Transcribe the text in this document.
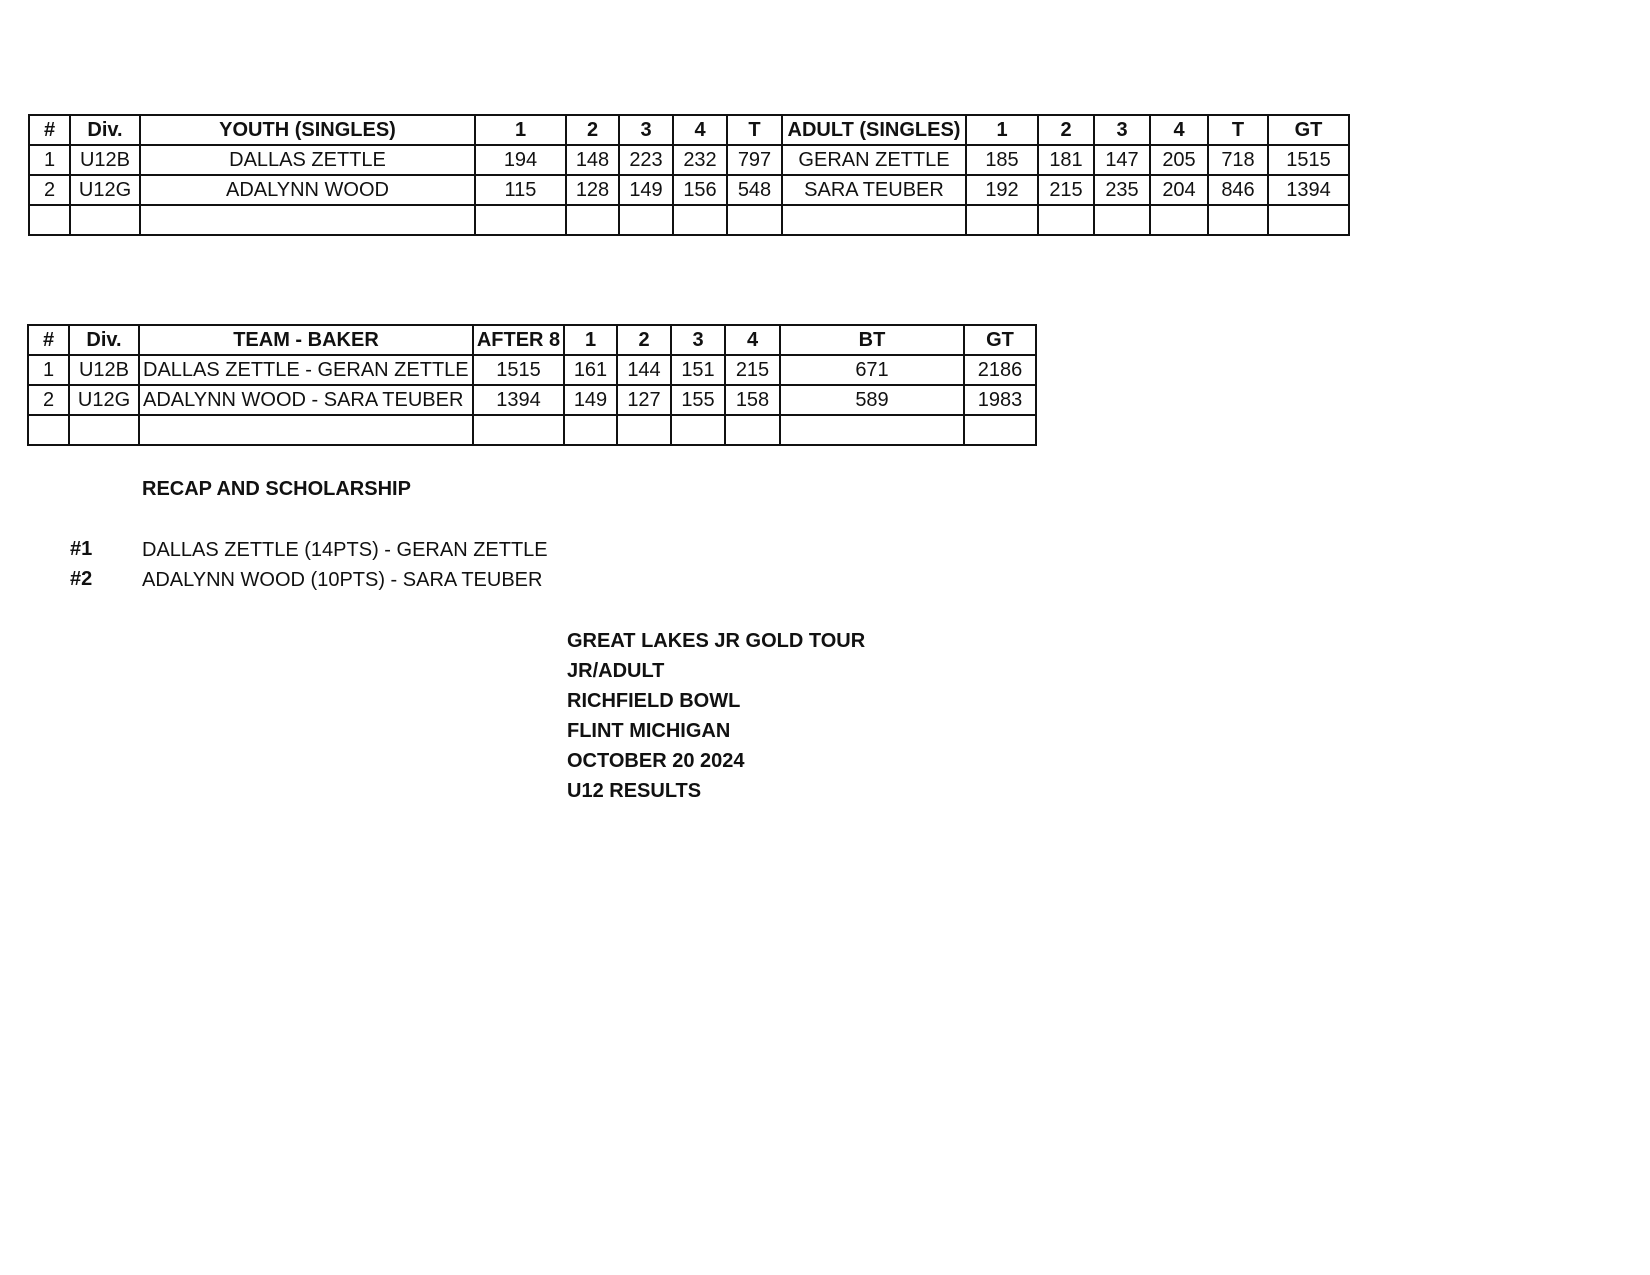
#	Div.	YOUTH (SINGLES)	1	2	3	4	T	ADULT (SINGLES)	1	2	3	4	T	GT
1	U12B	DALLAS ZETTLE	194	148	223	232	797	GERAN ZETTLE	185	181	147	205	718	1515
2	U12G	ADALYNN WOOD	115	128	149	156	548	SARA TEUBER	192	215	235	204	846	1394

#	Div.	TEAM - BAKER	AFTER 8	1	2	3	4	BT	GT
1	U12B	DALLAS ZETTLE - GERAN ZETTLE	1515	161	144	151	215	671	2186
2	U12G	ADALYNN WOOD - SARA TEUBER	1394	149	127	155	158	589	1983

RECAP AND SCHOLARSHIP
#1 DALLAS ZETTLE (14PTS) - GERAN ZETTLE
#2 ADALYNN WOOD (10PTS) - SARA TEUBER
GREAT LAKES JR GOLD TOUR
JR/ADULT
RICHFIELD BOWL
FLINT MICHIGAN
OCTOBER 20 2024
U12 RESULTS
